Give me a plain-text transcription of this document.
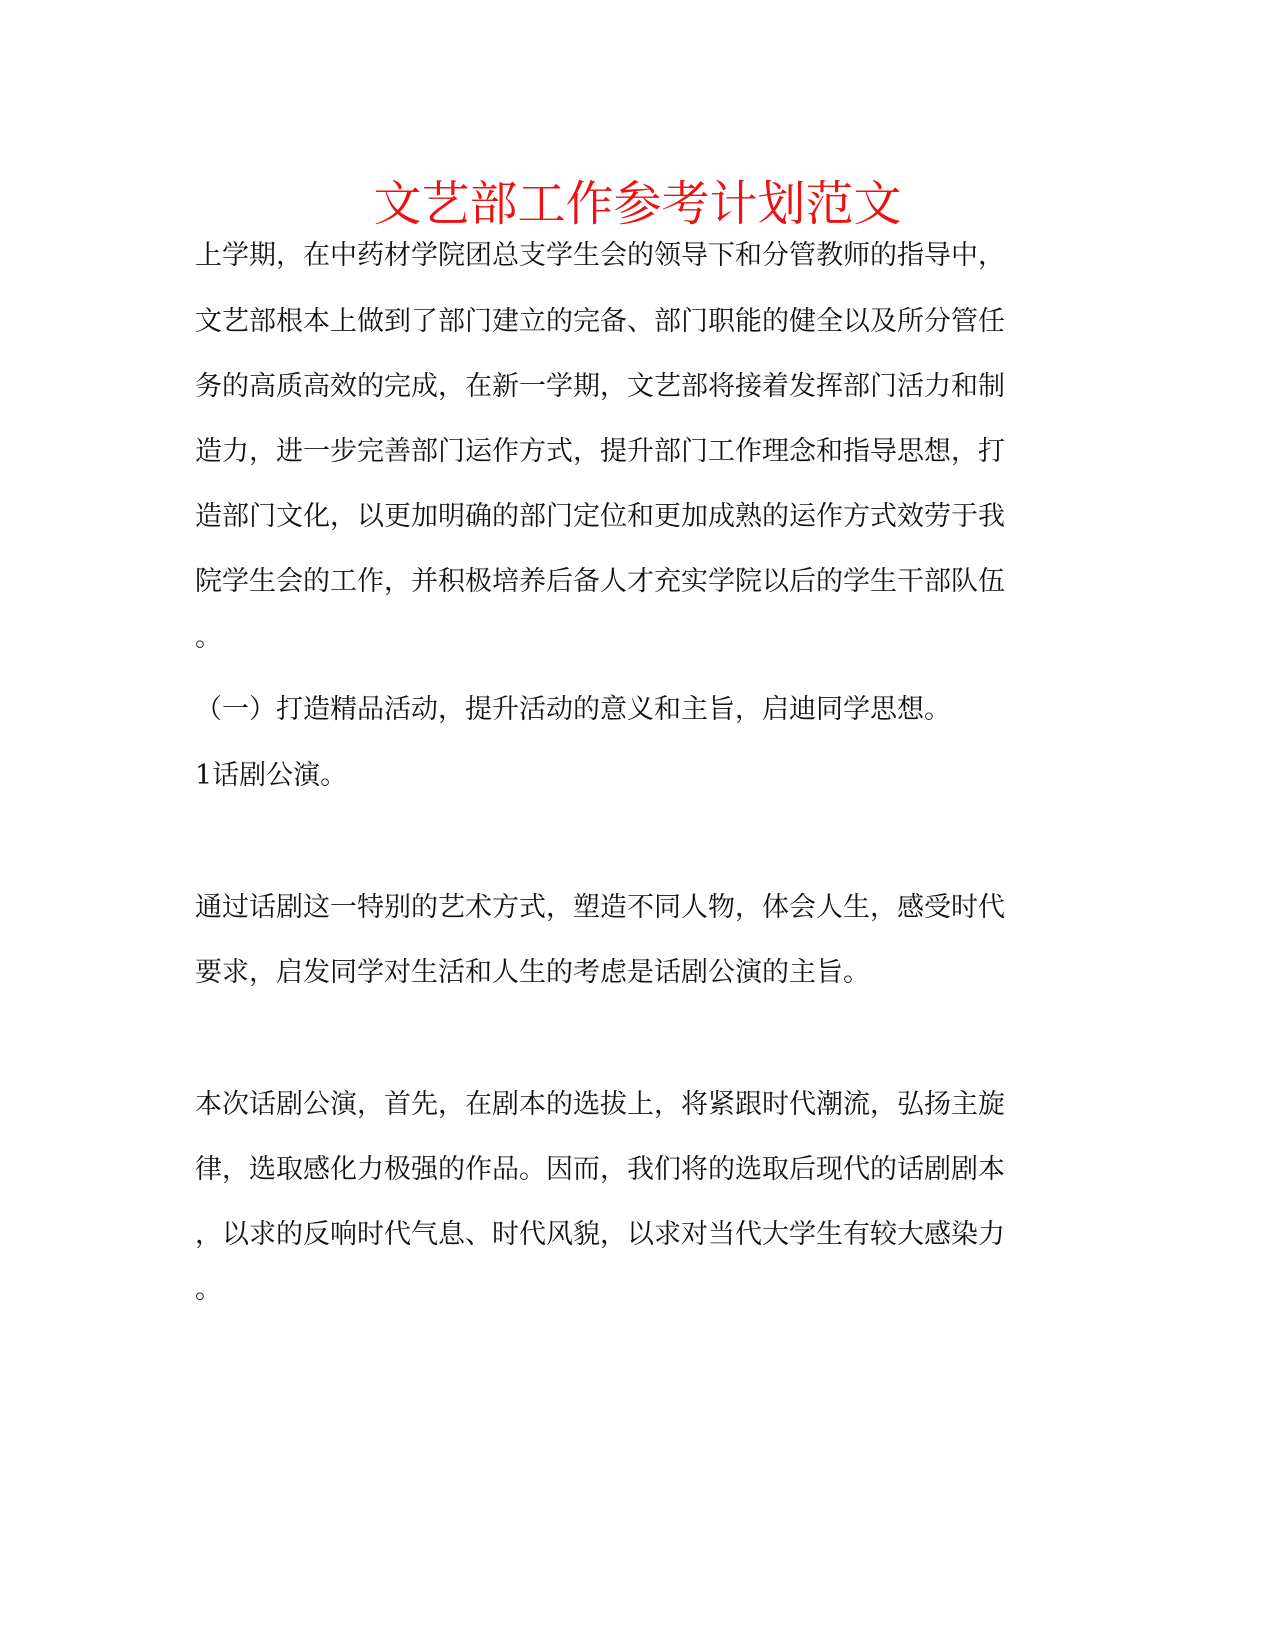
文艺部工作参考计划范文

上学期，在中药材学院团总支学生会的领导下和分管教师的指导中，

文艺部根本上做到了部门建立的完备、部门职能的健全以及所分管任

务的高质高效的完成，在新一学期，文艺部将接着发挥部门活力和制

造力，进一步完善部门运作方式，提升部门工作理念和指导思想，打

造部门文化，以更加明确的部门定位和更加成熟的运作方式效劳于我

院学生会的工作，并积极培养后备人才充实学院以后的学生干部队伍

。

（一）打造精品活动，提升活动的意义和主旨，启迪同学思想。

1话剧公演。

通过话剧这一特别的艺术方式，塑造不同人物，体会人生，感受时代

要求，启发同学对生活和人生的考虑是话剧公演的主旨。

本次话剧公演，首先，在剧本的选拔上，将紧跟时代潮流，弘扬主旋

律，选取感化力极强的作品。因而，我们将的选取后现代的话剧剧本

，以求的反响时代气息、时代风貌，以求对当代大学生有较大感染力

。
